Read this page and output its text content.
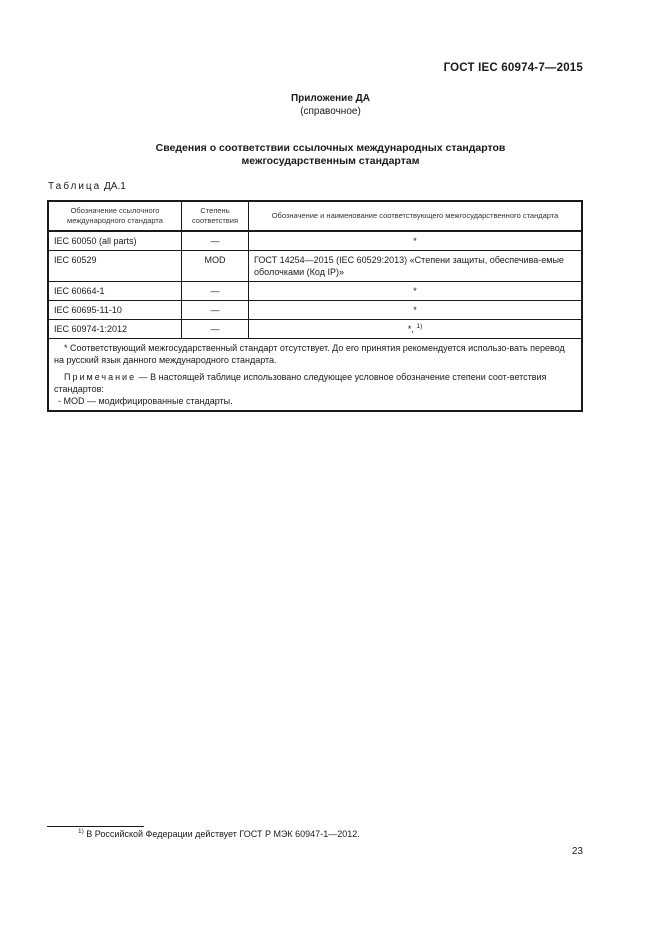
ГОСТ IEC 60974-7—2015
Приложение ДА
(справочное)
Сведения о соответствии ссылочных международных стандартов
межгосударственным стандартам
Таблица ДА.1
Обозначение ссылочного международного стандарта	Степень соответствия	Обозначение и наименование соответствующего межгосударственного стандарта
IEC 60050 (all parts)	—	*
IEC 60529	MOD	ГОСТ 14254—2015 (IEC 60529:2013) «Степени защиты, обеспечива-емые оболочками (Код IP)»
IEC 60664-1	—	*
IEC 60695-11-10	—	*
IEC 60974-1:2012	—	*, $^{1)}$

* Соответствующий межгосударственный стандарт отсутствует. До его принятия рекомендуется использо-вать перевод на русский язык данного международного стандарта.

Примечание — В настоящей таблице использовано следующее условное обозначение степени соот-ветствия стандартов:

- MOD — модифицированные стандарты.		
$^{1)}$ В Российской Федерации действует ГОСТ Р МЭК 60947-1—2012.
23
